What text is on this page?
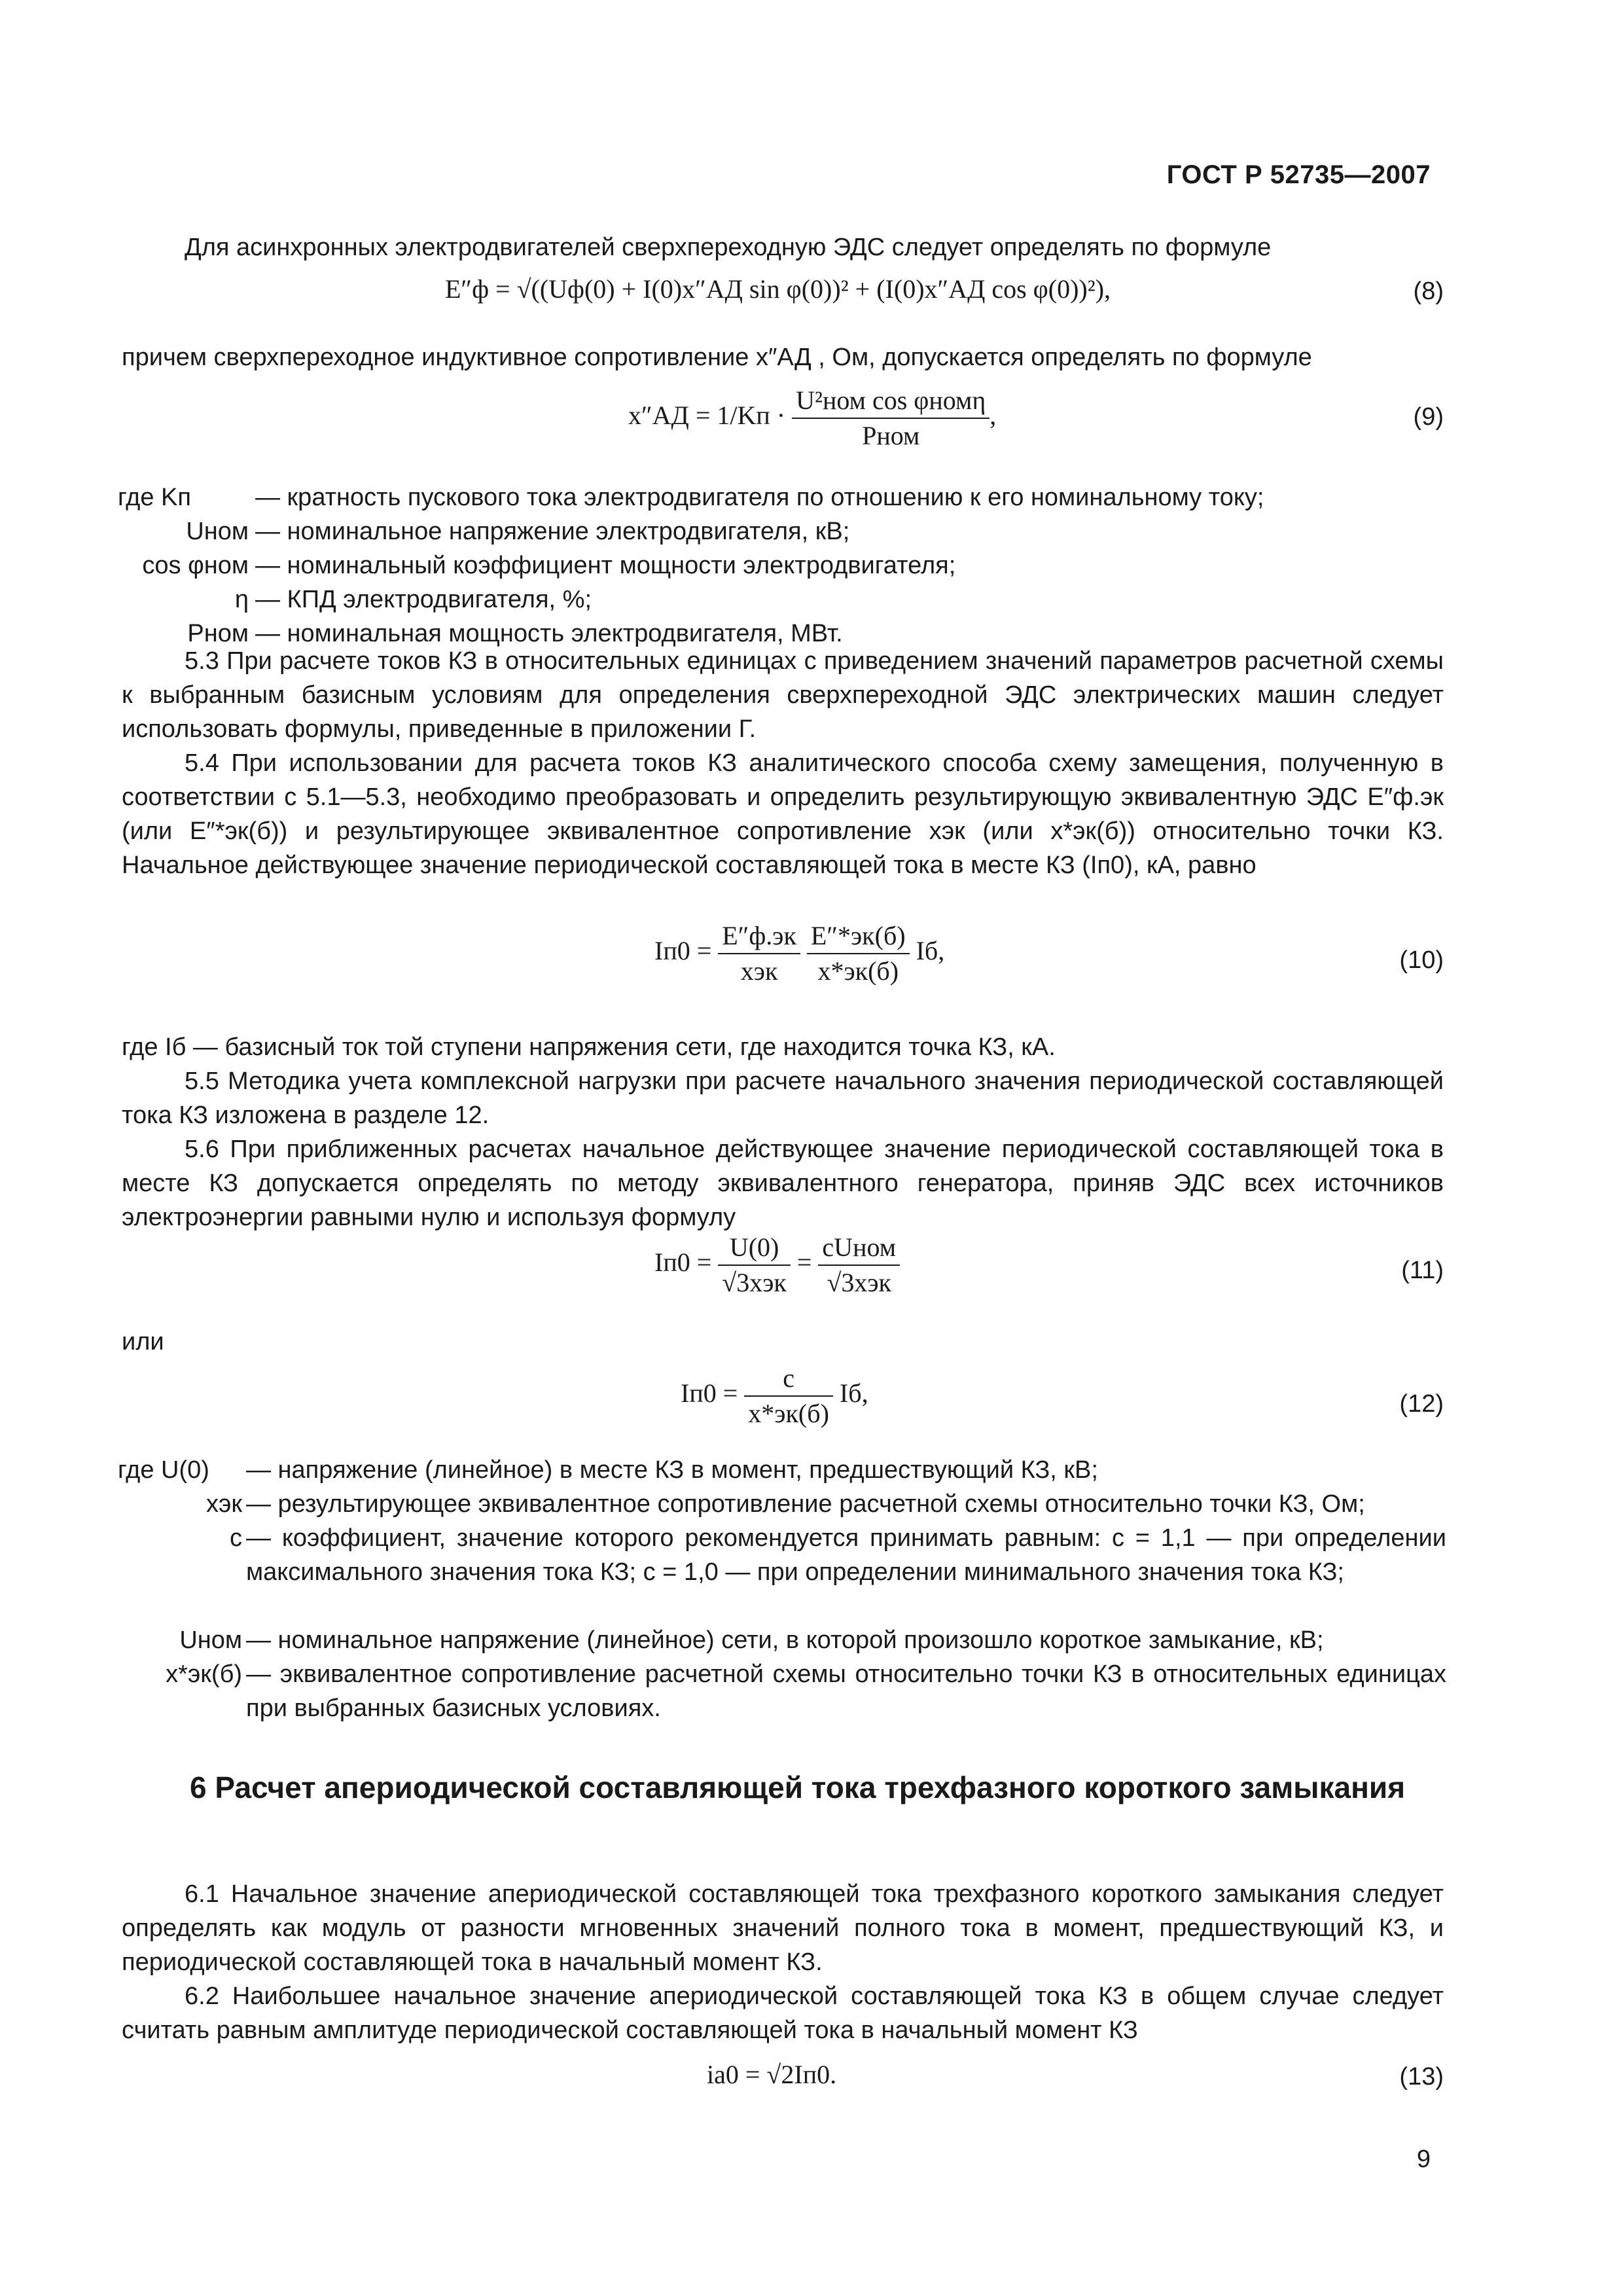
ГОСТ Р 52735—2007
Для асинхронных электродвигателей сверхпереходную ЭДС следует определять по формуле
E″ф = √((Uф(0) + I(0)x″АД sin φ(0))² + (I(0)x″АД cos φ(0))²),	(8)
причем сверхпереходное индуктивное сопротивление x″АД , Ом, допускается определять по формуле
$x''АД = 1/Kп \cdot \frac{\text{U²ном cos φномη}}{\text{Pном}}$ ,	(9)
где Kп	— кратность пускового тока электродвигателя по отношению к его номинальному току;
Uном — номинальное напряжение электродвигателя, кВ;
cos φном — номинальный коэффициент мощности электродвигателя;
η — КПД электродвигателя, %;
Pном — номинальная мощность электродвигателя, МВт.
5.3 При расчете токов КЗ в относительных единицах с приведением значений параметров расчетной схемы к выбранным базисным условиям для определения сверхпереходной ЭДС электрических машин следует использовать формулы, приведенные в приложении Г.
5.4 При использовании для расчета токов КЗ аналитического способа схему замещения, полученную в соответствии с 5.1—5.3, необходимо преобразовать и определить результирующую эквивалентную ЭДС E″ф.эк (или E″*эк(б)) и результирующее эквивалентное сопротивление xэк (или x*эк(б)) относительно точки КЗ. Начальное действующее значение периодической составляющей тока в месте КЗ (Iп0), кА, равно
$Iп0 = \frac{E''ф.эк}{\text{xэк}}$
$\frac{E''*эк(б)}{x*эк(б)}$ Iб,	(10)
где Iб — базисный ток той ступени напряжения сети, где находится точка КЗ, кА.
5.5 Методика учета комплексной нагрузки при расчете начального значения периодической составляющей тока КЗ изложена в разделе 12.
5.6 При приближенных расчетах начальное действующее значение периодической составляющей тока в месте КЗ допускается определять по методу эквивалентного генератора, приняв ЭДС всех источников электроэнергии равными нулю и используя формулу
$Iп0 = \frac{U(0)}{\text{√3xэк}} = \frac{\text{cUном}}{\text{√3xэк}}$	(11)
или
$Iп0 = \frac{c}{x*эк(б)}$ Iб,	(12)
где U(0)	— напряжение (линейное) в месте КЗ в момент, предшествующий КЗ, кВ;
xэк — результирующее эквивалентное сопротивление расчетной схемы относительно точки КЗ, Ом;
c — коэффициент, значение которого рекомендуется принимать равным: c = 1,1 — при определении максимального значения тока КЗ; c = 1,0 — при определении минимального значения тока КЗ;
Uном — номинальное напряжение (линейное) сети, в которой произошло короткое замыкание, кВ;
x*эк(б) — эквивалентное сопротивление расчетной схемы относительно точки КЗ в относительных единицах при выбранных базисных условиях.
6 Расчет апериодической составляющей тока трехфазного короткого замыкания
6.1 Начальное значение апериодической составляющей тока трехфазного короткого замыкания следует определять как модуль от разности мгновенных значений полного тока в момент, предшествующий КЗ, и периодической составляющей тока в начальный момент КЗ.
6.2 Наибольшее начальное значение апериодической составляющей тока КЗ в общем случае следует считать равным амплитуде периодической составляющей тока в начальный момент КЗ
iа0 = √2Iп0.	(13)
9
